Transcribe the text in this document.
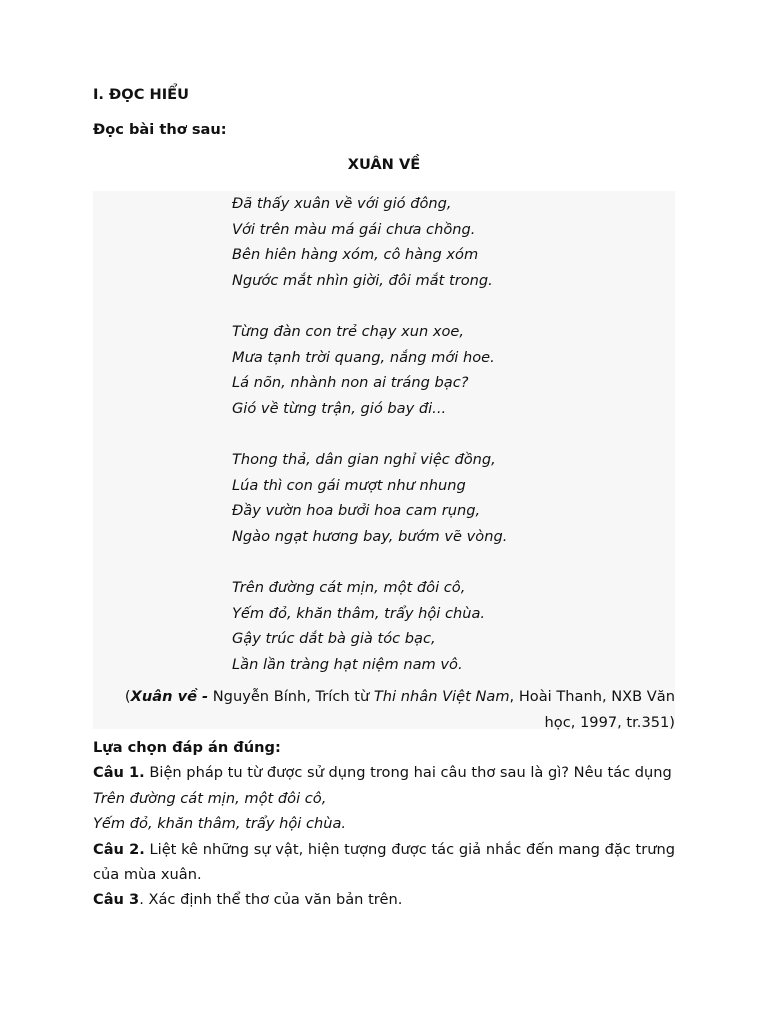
I. ĐỌC HIỂU
Đọc bài thơ sau:
XUÂN VỀ
Đã thấy xuân về với gió đông,
Với trên màu má gái chưa chồng.
Bên hiên hàng xóm, cô hàng xóm
Ngước mắt nhìn giời, đôi mắt trong.
Từng đàn con trẻ chạy xun xoe,
Mưa tạnh trời quang, nắng mới hoe.
Lá nõn, nhành non ai tráng bạc?
Gió về từng trận, gió bay đi...
Thong thả, dân gian nghỉ việc đồng,
Lúa thì con gái mượt như nhung
Đầy vườn hoa bưởi hoa cam rụng,
Ngào ngạt hương bay, bướm vẽ vòng.
Trên đường cát mịn, một đôi cô,
Yếm đỏ, khăn thâm, trẩy hội chùa.
Gậy trúc dắt bà già tóc bạc,
Lần lần tràng hạt niệm nam vô.
(Xuân về - Nguyễn Bính, Trích từ Thi nhân Việt Nam, Hoài Thanh, NXB Văn học, 1997, tr.351)

Lựa chọn đáp án đúng:

Câu 1. Biện pháp tu từ được sử dụng trong hai câu thơ sau là gì? Nêu tác dụng

Trên đường cát mịn, một đôi cô,

Yếm đỏ, khăn thâm, trẩy hội chùa.

Câu 2. Liệt kê những sự vật, hiện tượng được tác giả nhắc đến mang đặc trưng của mùa xuân.

Câu 3. Xác định thể thơ của văn bản trên.
